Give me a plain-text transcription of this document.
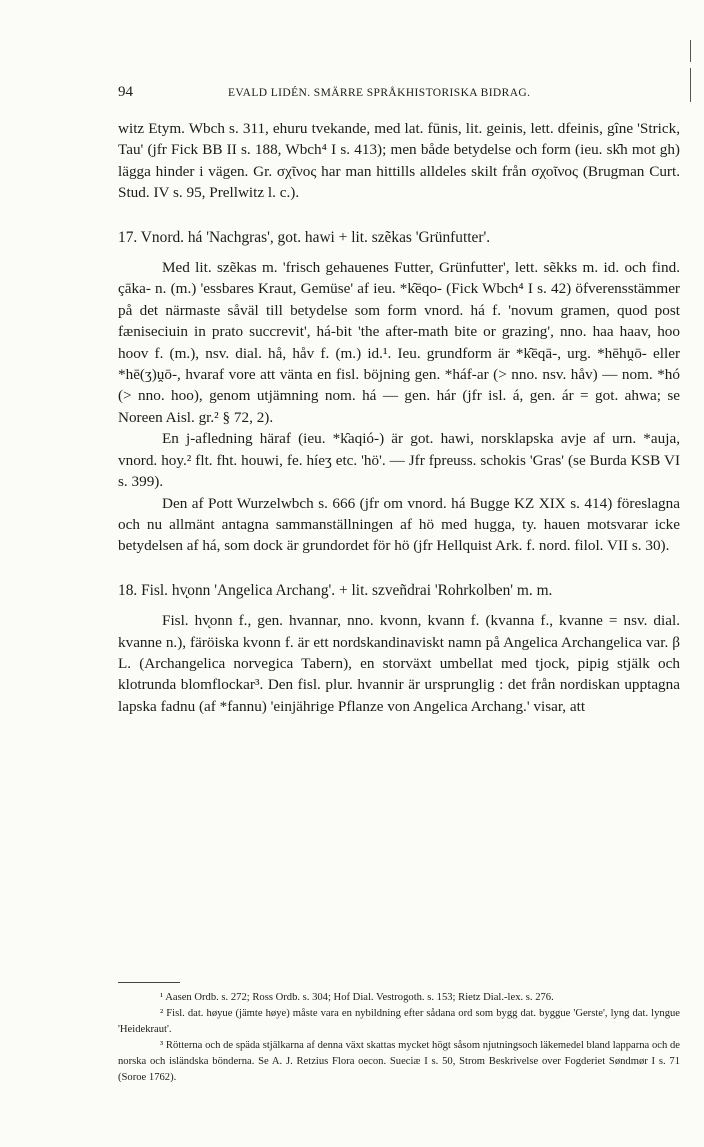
94	EVALD LIDÉN. SMÄRRE SPRÅKHISTORISKA BIDRAG.

witz Etym. Wbch s. 311, ehuru tvekande, med lat. fūnis, lit. geinis, lett. dfeinis, gîne 'Strick, Tau' (jfr Fick BB II s. 188, Wbch⁴ I s. 413); men både betydelse och form (ieu. sk̑h mot gh) lägga hinder i vägen. Gr. σχῖνος har man hittills alldeles skilt från σχοῖνος (Brugman Curt. Stud. IV s. 95, Prellwitz l. c.).

17. Vnord. há 'Nachgras', got. hawi + lit. szẽkas 'Grünfutter'.

Med lit. szẽkas m. 'frisch gehauenes Futter, Grünfutter', lett. sẽkks m. id. och find. çāka- n. (m.) 'essbares Kraut, Gemüse' af ieu. *k̑ēqo- (Fick Wbch⁴ I s. 42) öfverensstämmer på det närmaste såväl till betydelse som form vnord. há f. 'novum gramen, quod post fæniseciuin in prato succrevit', há-bit 'the after-math bite or grazing', nno. haa haav, hoo hoov f. (m.), nsv. dial. hå, håv f. (m.) id.¹. Ieu. grundform är *k̑ēqā-, urg. *hēhṷō- eller *hē(ʒ)ṷō-, hvaraf vore att vänta en fisl. böjning gen. *háf-ar (> nno. nsv. håv) — nom. *hó (> nno. hoo), genom utjämning nom. há — gen. hár (jfr isl. á, gen. ár = got. ahwa; se Noreen Aisl. gr.² § 72, 2).

En j-afledning häraf (ieu. *k̑aqió-) är got. hawi, norsklapska avje af urn. *auja, vnord. hoy.² flt. fht. houwi, fe. híeʒ etc. 'hö'. — Jfr fpreuss. schokis 'Gras' (se Burda KSB VI s. 399).

Den af Pott Wurzelwbch s. 666 (jfr om vnord. há Bugge KZ XIX s. 414) föreslagna och nu allmänt antagna sammanställningen af hö med hugga, ty. hauen motsvarar icke betydelsen af há, som dock är grundordet för hö (jfr Hellquist Ark. f. nord. filol. VII s. 30).

18. Fisl. hv̨onn 'Angelica Archang'. + lit. szveñdrai 'Rohrkolben' m. m.

Fisl. hv̨onn f., gen. hvannar, nno. kvonn, kvann f. (kvanna f., kvanne = nsv. dial. kvanne n.), färöiska kvonn f. är ett nordskandinaviskt namn på Angelica Archangelica var. β L. (Archangelica norvegica Tabern), en storväxt umbellat med tjock, pipig stjälk och klotrunda blomflockar³. Den fisl. plur. hvannir är ursprunglig : det från nordiskan upptagna lapska fadnu (af *fannu) 'einjährige Pflanze von Angelica Archang.' visar, att

¹ Aasen Ordb. s. 272; Ross Ordb. s. 304; Hof Dial. Vestrogoth. s. 153; Rietz Dial.-lex. s. 276.

² Fisl. dat. høyue (jämte høye) måste vara en nybildning efter sådana ord som bygg dat. bygg​ue 'Gerste', lyng dat. lyngue 'Heidekraut'.

³ Rötterna och de späda stjälkarna af denna växt skattas mycket högt såsom njutningsoch läkemedel bland lapparna och de norska och isländska bönderna. Se A. J. Retzius Flora oecon. Sueciæ I s. 50, Strom Beskrivelse over Fogderiet Søndmør I s. 71 (Soroe 1762).
